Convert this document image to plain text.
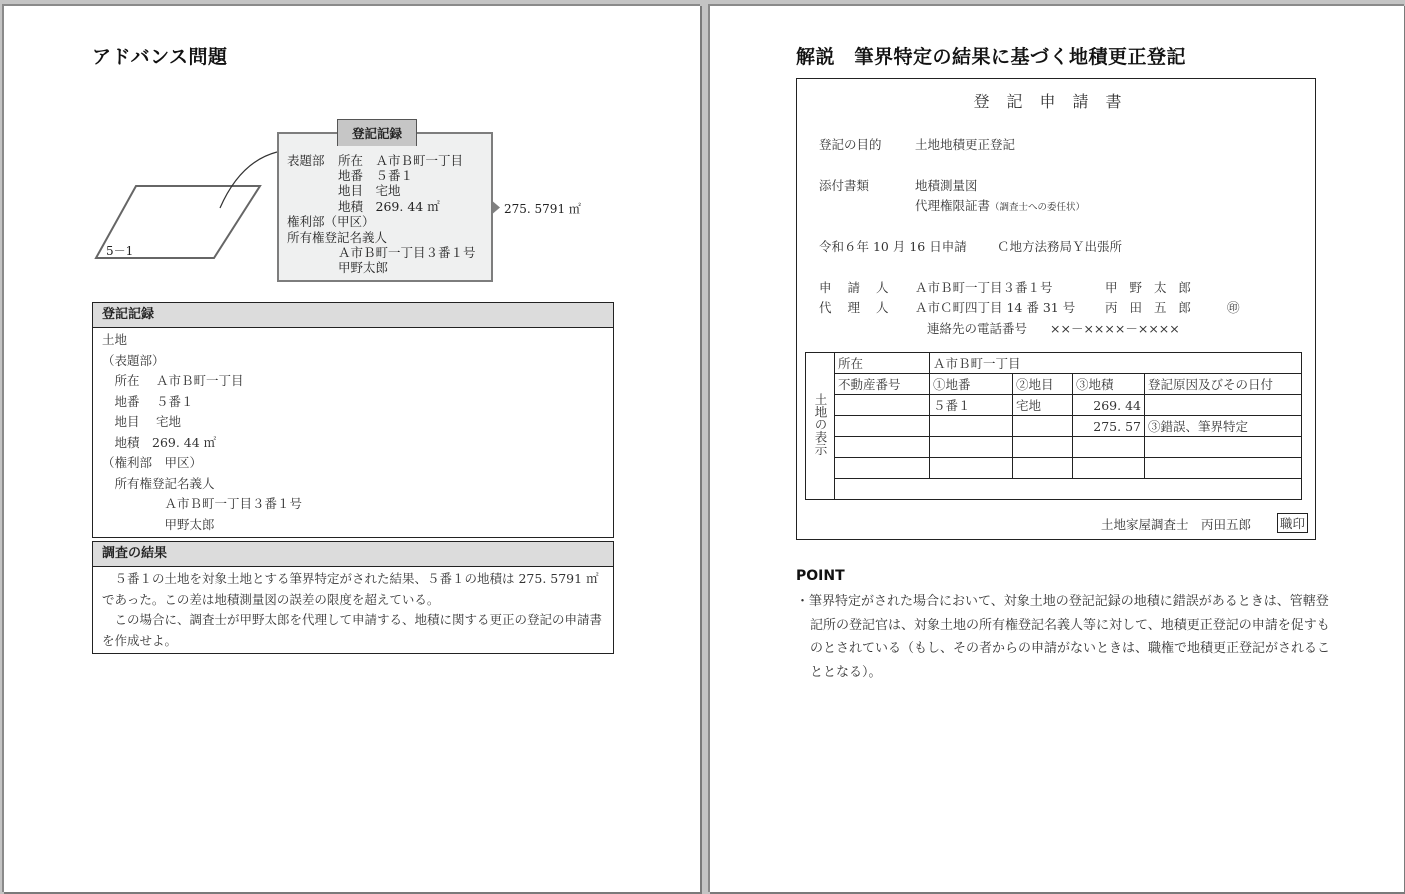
アドバンス問題
5－1
登記記録
表題部 所在　 Ａ市Ｂ町一丁目
地番　 ５番１
地目　 宅地
地積　 269. 44 ㎡
権利部（甲区）
所有権登記名義人
Ａ市Ｂ町一丁目３番１号
甲野太郎
275. 5791 ㎡
登記記録
土地
（表題部）
　所在　 Ａ市Ｂ町一丁目
　地番　 ５番１
　地目　 宅地
　地積　269. 44 ㎡
（権利部　甲区）
　所有権登記名義人
　　　　　Ａ市Ｂ町一丁目３番１号
　　　　　甲野太郎
調査の結果
５番１の土地を対象土地とする筆界特定がされた結果、５番１の地積は 275. 5791 ㎡であった。この差は地積測量図の誤差の限度を超えている。
この場合に、調査士が甲野太郎を代理して申請する、地積に関する更正の登記の申請書を作成せよ。
解説　筆界特定の結果に基づく地積更正登記
登記申請書
登記の目的	土地地積更正登記
添付書類	地積測量図
代理権限証書（調査士への委任状）
令和６年 10 月 16 日申請 Ｃ地方法務局Ｙ出張所
申 請 人 Ａ市Ｂ町一丁目３番１号	甲 野 太 郎
代 理 人 Ａ市Ｃ町四丁目 14 番 31 号 丙 田 五 郎	㊞
連絡先の電話番号 ××－××××－××××
土地の表示	所在	Ａ市Ｂ町一丁目			
	不動産番号	①地番	②地目	③地積	登記原因及びその日付
		５番１	宅地	269. 44	
				275. 57	③錯誤、筆界特定

土地家屋調査士　丙田五郎 職印
POINT
・筆界特定がされた場合において、対象土地の登記記録の地積に錯誤があるときは、管轄登記所の登記官は、対象土地の所有権登記名義人等に対して、地積更正登記の申請を促すものとされている（もし、その者からの申請がないときは、職権で地積更正登記がされることとなる）。
